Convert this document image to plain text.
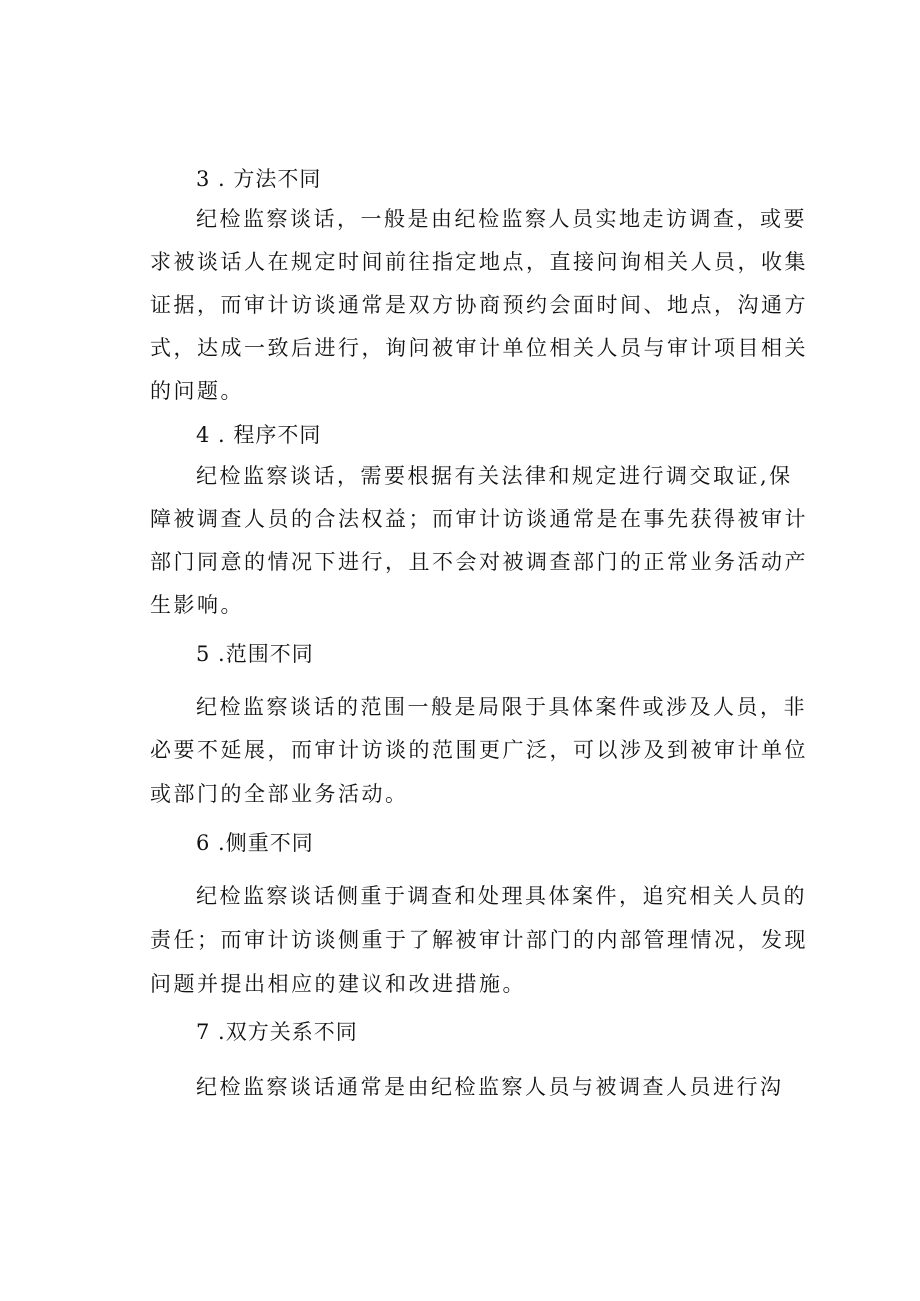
3 . 方法不同
纪检监察谈话，一般是由纪检监察人员实地走访调查，或要
求被谈话人在规定时间前往指定地点，直接问询相关人员，收集
证据，而审计访谈通常是双方协商预约会面时间、地点，沟通方
式，达成一致后进行，询问被审计单位相关人员与审计项目相关
的问题。
4 . 程序不同
纪检监察谈话，需要根据有关法律和规定进行调交取证,保
障被调查人员的合法权益；而审计访谈通常是在事先获得被审计
部门同意的情况下进行，且不会对被调查部门的正常业务活动产
生影响。
5 .范围不同
纪检监察谈话的范围一般是局限于具体案件或涉及人员，非
必要不延展，而审计访谈的范围更广泛，可以涉及到被审计单位
或部门的全部业务活动。
6 .侧重不同
纪检监察谈话侧重于调查和处理具体案件，追究相关人员的
责任；而审计访谈侧重于了解被审计部门的内部管理情况，发现
问题并提出相应的建议和改进措施。
7 .双方关系不同
纪检监察谈话通常是由纪检监察人员与被调查人员进行沟
